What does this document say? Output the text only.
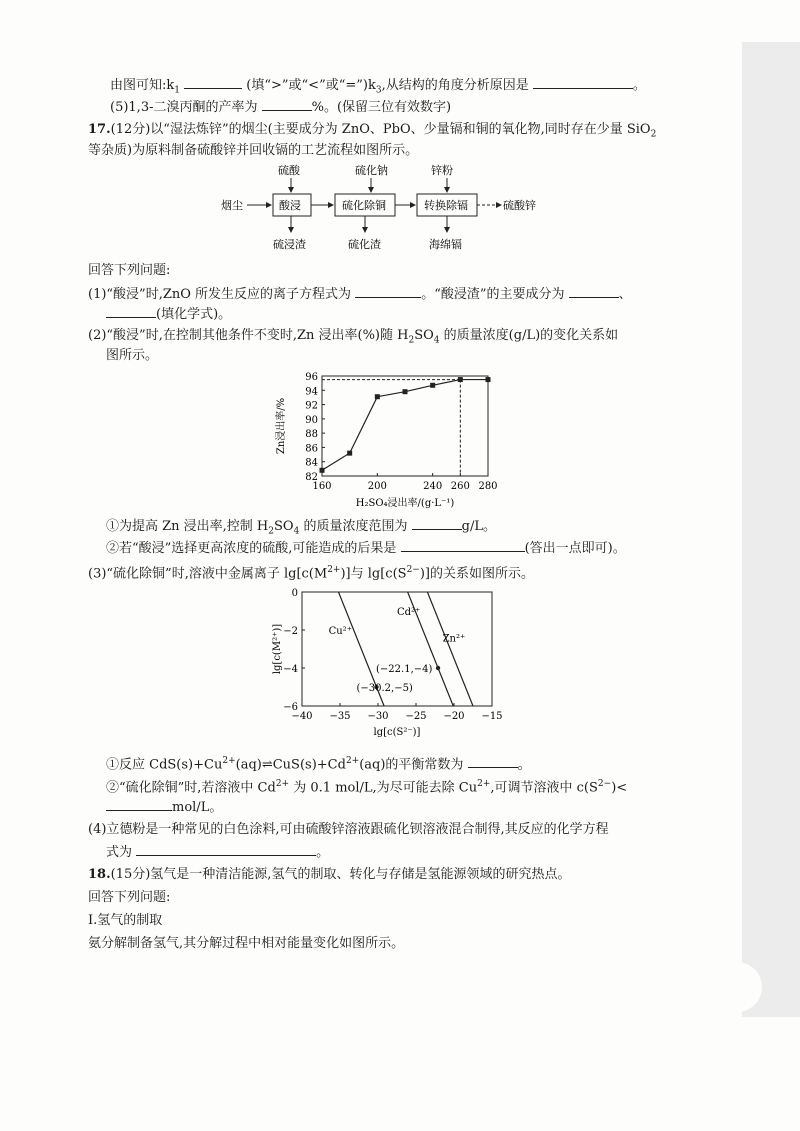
由图可知$:k_1$	(填“>”或“<”或“$=”)k_3$,从结构的角度分析原因是	。
(5)1,3-二溴丙酮的产率为	%。(保留三位有效数字)
17.(12分)以“湿法炼锌”的烟尘(主要成分为 ZnO、PbO、少量镉和铜的氧化物,同时存在少量 SiO$_2$
等杂质)为原料制备硫酸锌并回收镉的工艺流程如图所示。
硫酸	硫化钠	锌粉
烟尘	酸浸	硫化除铜	转换除镉	硫酸锌
硫浸渣	硫化渣	海绵镉
回答下列问题:
(1)“酸浸”时,ZnO 所发生反应的离子方程式为	。“酸浸渣”的主要成分为	、
(填化学式)。
(2)“酸浸”时,在控制其他条件不变时,Zn 浸出率(%)随 $H_2SO_4$ 的质量浓度(g/L)的变化关系如
图所示。
82
84
86
88
90
92
94
96
160	200	240 260 280
H₂SO₄浸出率/(g·L⁻¹)
Zn浸出率/%
①为提高 Zn 浸出率,控制 $H_2SO_4$ 的质量浓度范围为	g/L。
②若“酸浸”选择更高浓度的硫酸,可能造成的后果是	(答出一点即可)。
(3)“硫化除铜”时,溶液中金属离子 $\lg[c(M^{2+})]$与 $\lg[c(S^{2-})]$的关系如图所示。
0
−2
−4
−6
−40 −35 −30 −25 −20 −15
lg[c(S²⁻)]
lg[c(M²⁺)]	Cu²⁺
Cd²⁺
Zn²⁺
(−22.1,−4)
(−30.2,−5)
①反应 $CdS(s)+Cu^{2+}(aq)\rightleftharpoons CuS(s)+Cd^{2+}(aq)$的平衡常数为	。
②“硫化除铜”时,若溶液中 $Cd^{2+}$ 为 0.1 mol/L,为尽可能去除 $Cu^{2+}$,可调节溶液中 $c(S^{2-})<$
mol/L。
(4)立德粉是一种常见的白色涂料,可由硫酸锌溶液跟硫化钡溶液混合制得,其反应的化学方程
式为	。
18.(15分)氢气是一种清洁能源,氢气的制取、转化与存储是氢能源领域的研究热点。
回答下列问题:
Ⅰ.氢气的制取
氨分解制备氢气,其分解过程中相对能量变化如图所示。
